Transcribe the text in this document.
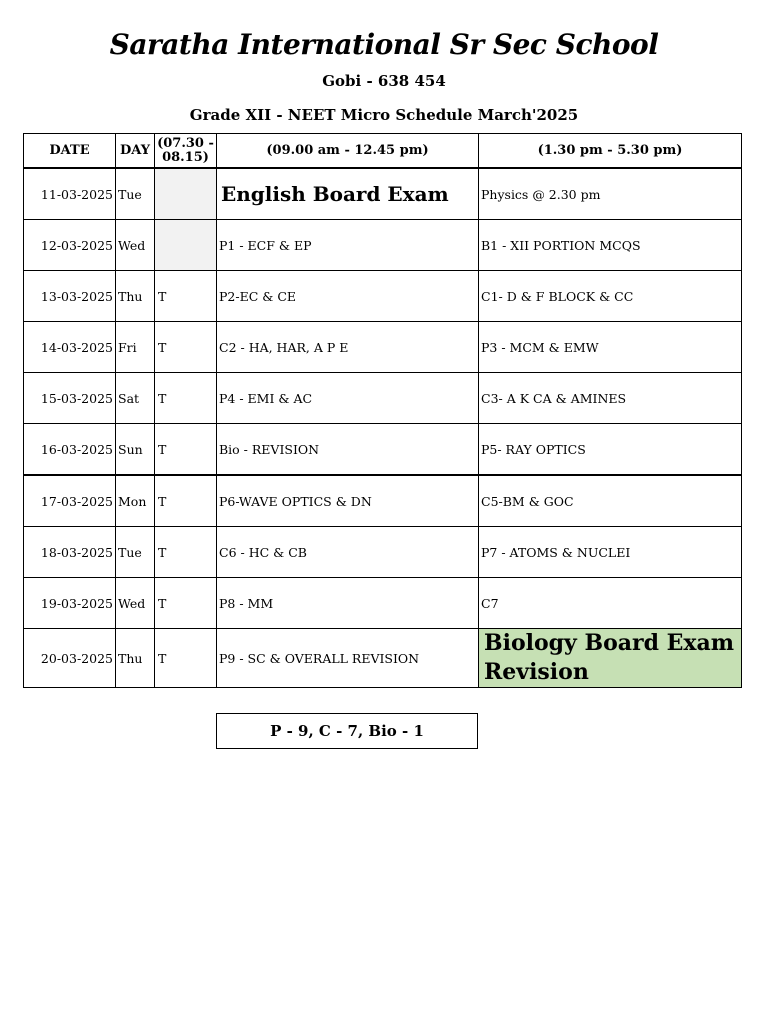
Saratha International Sr Sec School
Gobi - 638 454
Grade XII - NEET Micro Schedule March'2025
DATE	DAY	(07.30 - 08.15)	(09.00 am - 12.45 pm)	(1.30 pm - 5.30 pm)
11-03-2025	Tue		English Board Exam	Physics @ 2.30 pm
12-03-2025	Wed		P1 - ECF & EP	B1 - XII PORTION MCQS
13-03-2025	Thu	T	P2-EC & CE	C1- D & F BLOCK & CC
14-03-2025	Fri	T	C2 - HA, HAR, A P E	P3 - MCM & EMW
15-03-2025	Sat	T	P4 - EMI & AC	C3- A K CA & AMINES
16-03-2025	Sun	T	Bio - REVISION	P5- RAY OPTICS
17-03-2025	Mon	T	P6-WAVE OPTICS & DN	C5-BM & GOC
18-03-2025	Tue	T	C6 - HC & CB	P7 - ATOMS & NUCLEI
19-03-2025	Wed	T	P8 - MM	C7
20-03-2025	Thu	T	P9 - SC & OVERALL REVISION	Biology Board Exam Revision
P - 9, C - 7, Bio - 1
